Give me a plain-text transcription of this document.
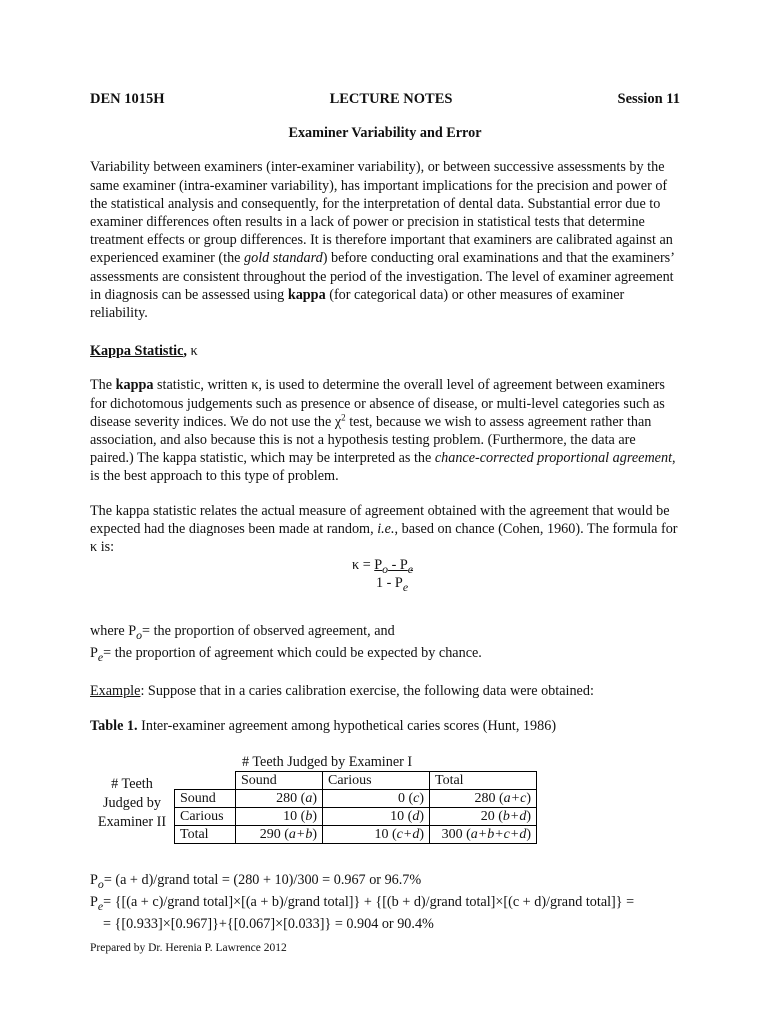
DEN 1015H	LECTURE NOTES	Session 11
Examiner Variability and Error

Variability between examiners (inter-examiner variability), or between successive assessments by the same examiner (intra-examiner variability), has important implications for the precision and power of the statistical analysis and consequently, for the interpretation of dental data. Substantial error due to examiner differences often results in a lack of power or precision in statistical tests that determine treatment effects or group differences. It is therefore important that examiners are calibrated against an experienced examiner (the gold standard) before conducting oral examinations and that the examiners’ assessments are consistent throughout the period of the investigation. The level of examiner agreement in diagnosis can be assessed using kappa (for categorical data) or other measures of examiner reliability.

Kappa Statistic, κ

The kappa statistic, written κ, is used to determine the overall level of agreement between examiners for dichotomous judgements such as presence or absence of disease, or multi-level categories such as disease severity indices. We do not use the $\chi^2$ test, because we wish to assess agreement rather than association, and also because this is not a hypothesis testing problem. (Furthermore, the data are paired.) The kappa statistic, which may be interpreted as the chance-corrected proportional agreement, is the best approach to this type of problem.

The kappa statistic relates the actual measure of agreement obtained with the agreement that would be expected had the diagnoses been made at random, i.e., based on chance (Cohen, 1960). The formula for κ is:

$\kappa = P_o - P_e$
$1 - P_e$
where $P_o=$ the proportion of observed agreement, and
$P_e=$ the proportion of agreement which could be expected by chance.

Example: Suppose that in a caries calibration exercise, the following data were obtained:

Table 1. Inter-examiner agreement among hypothetical caries scores (Hunt, 1986)

# Teeth Judged by Examiner I
# Teeth
Judged by
Examiner II
	Sound	Carious	Total
Sound	280 (a)	0 (c)	280 (a+c)
Carious	10 (b)	10 (d)	20 (b+d)
Total	290 (a+b)	10 (c+d)	300 (a+b+c+d)
$P_o= (a$ + d)/grand total = (280 + 10)/300 = 0.967 or 96.7%
$P_e= \{[(a$ + c)/grand total]×[(a + b)/grand total]} + {[(b + d)/grand total]×[(c + d)/grand total]} =
= {[0.933]×[0.967]}+{[0.067]×[0.033]} = 0.904 or 90.4%
Prepared by Dr. Herenia P. Lawrence 2012
